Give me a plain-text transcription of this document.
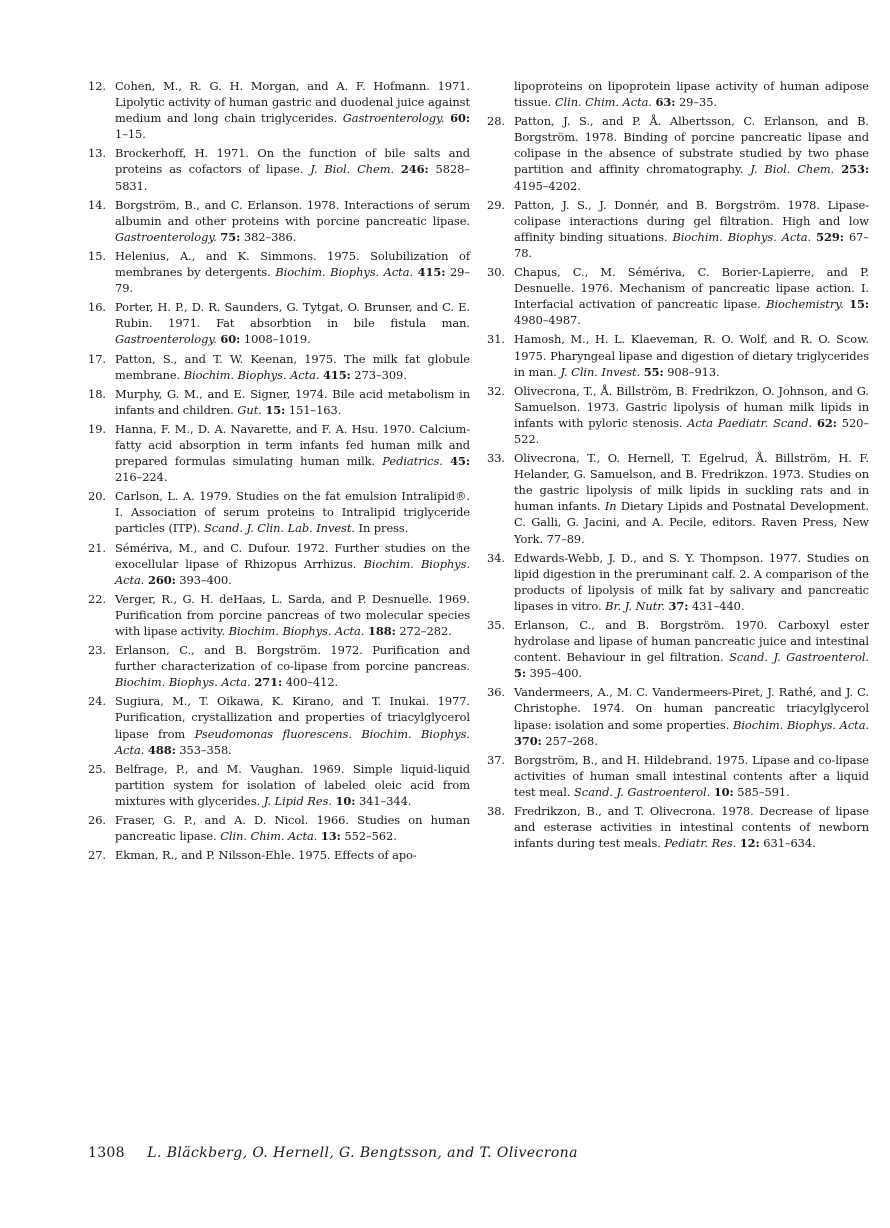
12. Cohen, M., R. G. H. Morgan, and A. F. Hofmann. 1971. Lipolytic activity of human gastric and duodenal juice against medium and long chain triglycerides. Gastroenterology. 60: 1–15.
13. Brockerhoff, H. 1971. On the function of bile salts and proteins as cofactors of lipase. J. Biol. Chem. 246: 5828–5831.
14. Borgström, B., and C. Erlanson. 1978. Interactions of serum albumin and other proteins with porcine pancreatic lipase. Gastroenterology. 75: 382–386.
15. Helenius, A., and K. Simmons. 1975. Solubilization of membranes by detergents. Biochim. Biophys. Acta. 415: 29–79.
16. Porter, H. P., D. R. Saunders, G. Tytgat, O. Brunser, and C. E. Rubin. 1971. Fat absorbtion in bile fistula man. Gastroenterology. 60: 1008–1019.
17. Patton, S., and T. W. Keenan, 1975. The milk fat globule membrane. Biochim. Biophys. Acta. 415: 273–309.
18. Murphy, G. M., and E. Signer, 1974. Bile acid metabolism in infants and children. Gut. 15: 151–163.
19. Hanna, F. M., D. A. Navarette, and F. A. Hsu. 1970. Calcium-fatty acid absorption in term infants fed human milk and prepared formulas simulating human milk. Pediatrics. 45: 216–224.
20. Carlson, L. A. 1979. Studies on the fat emulsion Intralipid®. I. Association of serum proteins to Intralipid triglyceride particles (ITP). Scand. J. Clin. Lab. Invest. In press.
21. Sémériva, M., and C. Dufour. 1972. Further studies on the exocellular lipase of Rhizopus Arrhizus. Biochim. Biophys. Acta. 260: 393–400.
22. Verger, R., G. H. deHaas, L. Sarda, and P. Desnuelle. 1969. Purification from porcine pancreas of two molecular species with lipase activity. Biochim. Biophys. Acta. 188: 272–282.
23. Erlanson, C., and B. Borgström. 1972. Purification and further characterization of co-lipase from porcine pancreas. Biochim. Biophys. Acta. 271: 400–412.
24. Sugiura, M., T. Oikawa, K. Kirano, and T. Inukai. 1977. Purification, crystallization and properties of triacylglycerol lipase from Pseudomonas fluorescens. Biochim. Biophys. Acta. 488: 353–358.
25. Belfrage, P., and M. Vaughan. 1969. Simple liquid-liquid partition system for isolation of labeled oleic acid from mixtures with glycerides. J. Lipid Res. 10: 341–344.
26. Fraser, G. P., and A. D. Nicol. 1966. Studies on human pancreatic lipase. Clin. Chim. Acta. 13: 552–562.
27. Ekman, R., and P. Nilsson-Ehle. 1975. Effects of apo-
lipoproteins on lipoprotein lipase activity of human adipose tissue. Clin. Chim. Acta. 63: 29–35.
28. Patton, J. S., and P. Å. Albertsson, C. Erlanson, and B. Borgström. 1978. Binding of porcine pancreatic lipase and colipase in the absence of substrate studied by two phase partition and affinity chromatography. J. Biol. Chem. 253: 4195–4202.
29. Patton, J. S., J. Donnér, and B. Borgström. 1978. Lipase-colipase interactions during gel filtration. High and low affinity binding situations. Biochim. Biophys. Acta. 529: 67–78.
30. Chapus, C., M. Sémériva, C. Borier-Lapierre, and P. Desnuelle. 1976. Mechanism of pancreatic lipase action. I. Interfacial activation of pancreatic lipase. Biochemistry. 15: 4980–4987.
31. Hamosh, M., H. L. Klaeveman, R. O. Wolf, and R. O. Scow. 1975. Pharyngeal lipase and digestion of dietary triglycerides in man. J. Clin. Invest. 55: 908–913.
32. Olivecrona, T., Å. Billström, B. Fredrikzon, O. Johnson, and G. Samuelson. 1973. Gastric lipolysis of human milk lipids in infants with pyloric stenosis. Acta Paediatr. Scand. 62: 520–522.
33. Olivecrona, T., O. Hernell, T. Egelrud, Å. Billström, H. F. Helander, G. Samuelson, and B. Fredrikzon. 1973. Studies on the gastric lipolysis of milk lipids in suckling rats and in human infants. In Dietary Lipids and Postnatal Development. C. Galli, G. Jacini, and A. Pecile, editors. Raven Press, New York. 77–89.
34. Edwards-Webb, J. D., and S. Y. Thompson. 1977. Studies on lipid digestion in the preruminant calf. 2. A comparison of the products of lipolysis of milk fat by salivary and pancreatic lipases in vitro. Br. J. Nutr. 37: 431–440.
35. Erlanson, C., and B. Borgström. 1970. Carboxyl ester hydrolase and lipase of human pancreatic juice and intestinal content. Behaviour in gel filtration. Scand. J. Gastroenterol. 5: 395–400.
36. Vandermeers, A., M. C. Vandermeers-Piret, J. Rathé, and J. C. Christophe. 1974. On human pancreatic triacylglycerol lipase: isolation and some properties. Biochim. Biophys. Acta. 370: 257–268.
37. Borgström, B., and H. Hildebrand. 1975. Lipase and co-lipase activities of human small intestinal contents after a liquid test meal. Scand. J. Gastroenterol. 10: 585–591.
38. Fredrikzon, B., and T. Olivecrona. 1978. Decrease of lipase and esterase activities in intestinal contents of newborn infants during test meals. Pediatr. Res. 12: 631–634.
1308 L. Bläckberg, O. Hernell, G. Bengtsson, and T. Olivecrona
